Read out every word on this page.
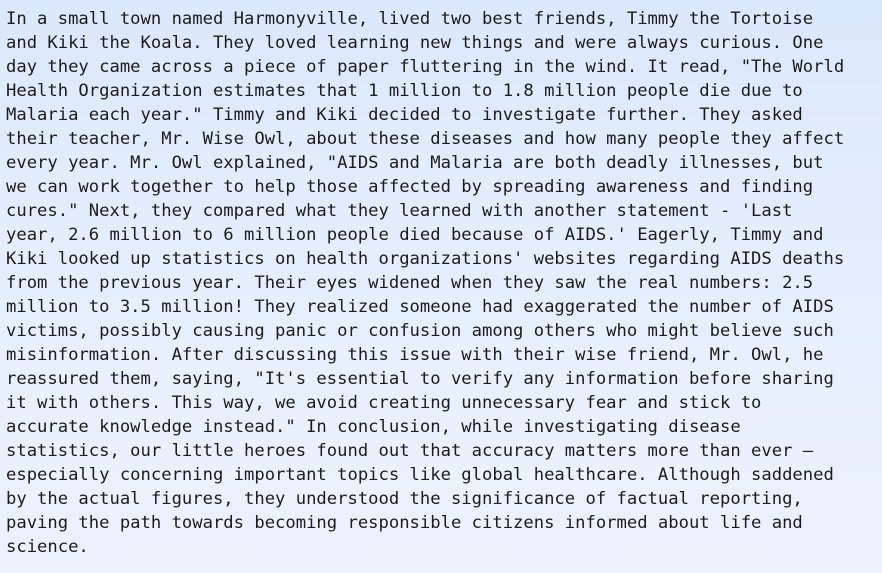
In a small town named Harmonyville, lived two best friends, Timmy the Tortoise
and Kiki the Koala. They loved learning new things and were always curious. One
day they came across a piece of paper fluttering in the wind. It read, "The World
Health Organization estimates that 1 million to 1.8 million people die due to
Malaria each year." Timmy and Kiki decided to investigate further. They asked
their teacher, Mr. Wise Owl, about these diseases and how many people they affect
every year. Mr. Owl explained, "AIDS and Malaria are both deadly illnesses, but
we can work together to help those affected by spreading awareness and finding
cures." Next, they compared what they learned with another statement - 'Last
year, 2.6 million to 6 million people died because of AIDS.' Eagerly, Timmy and
Kiki looked up statistics on health organizations' websites regarding AIDS deaths
from the previous year. Their eyes widened when they saw the real numbers: 2.5
million to 3.5 million! They realized someone had exaggerated the number of AIDS
victims, possibly causing panic or confusion among others who might believe such
misinformation. After discussing this issue with their wise friend, Mr. Owl, he
reassured them, saying, "It's essential to verify any information before sharing
it with others. This way, we avoid creating unnecessary fear and stick to
accurate knowledge instead." In conclusion, while investigating disease
statistics, our little heroes found out that accuracy matters more than ever –
especially concerning important topics like global healthcare. Although saddened
by the actual figures, they understood the significance of factual reporting,
paving the path towards becoming responsible citizens informed about life and
science.
